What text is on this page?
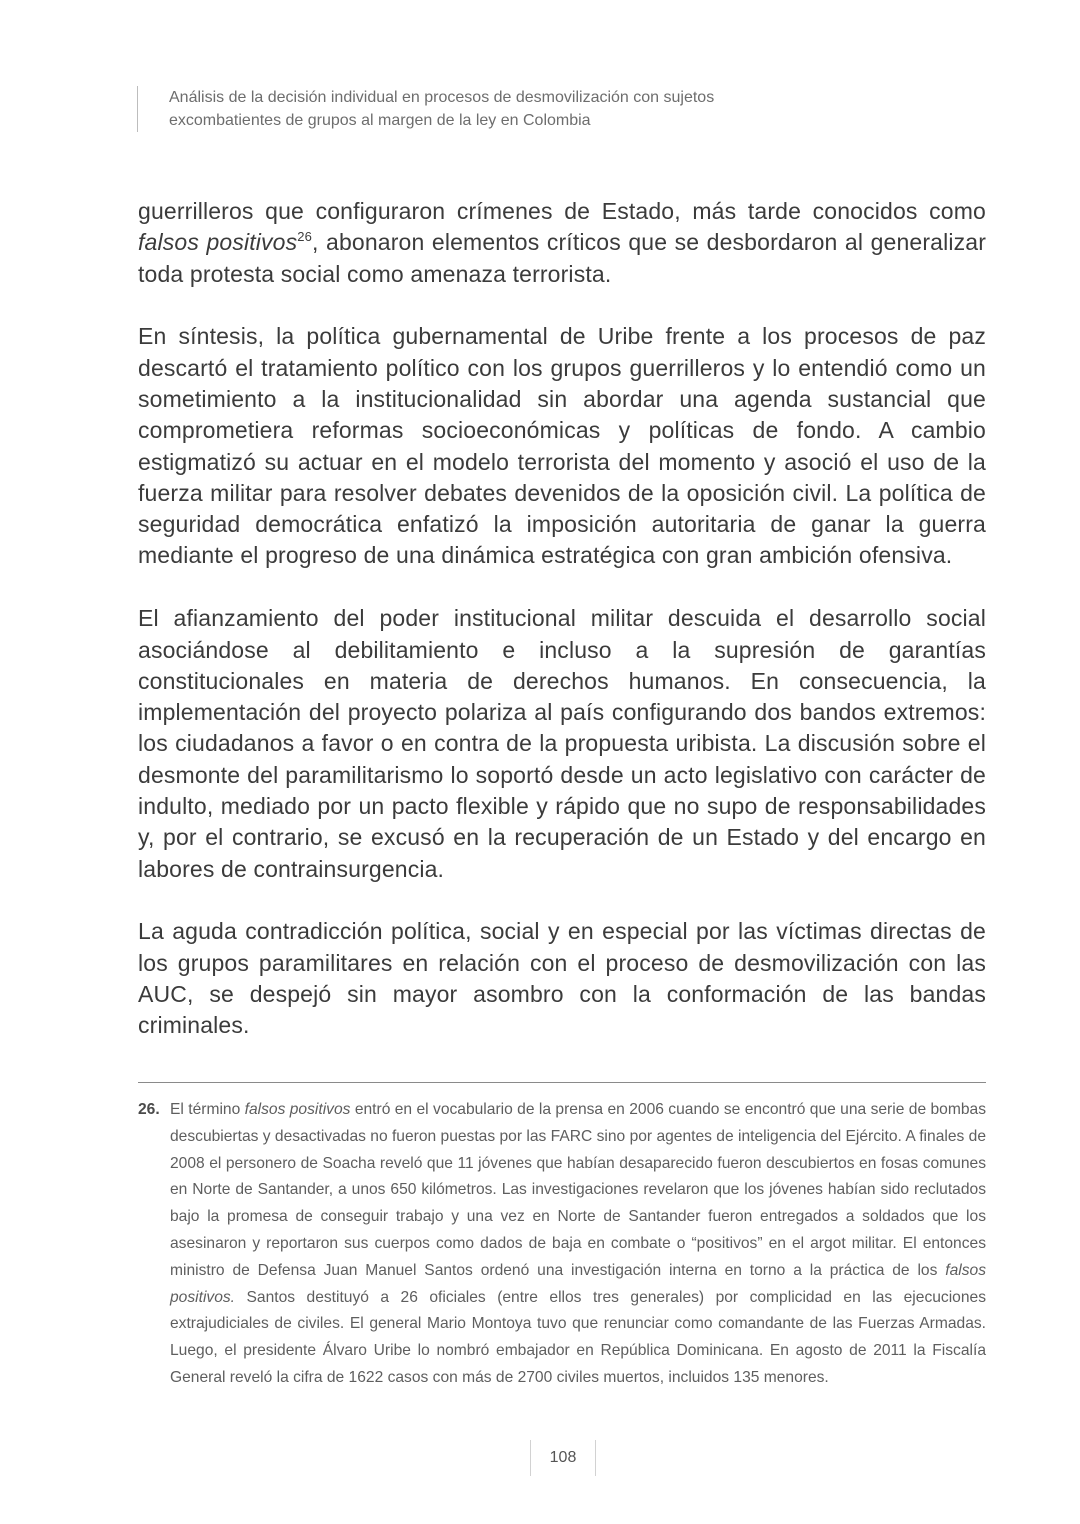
Análisis de la decisión individual en procesos de desmovilización con sujetos
excombatientes de grupos al margen de la ley en Colombia

guerrilleros que configuraron crímenes de Estado, más tarde conocidos como falsos positivos$^{26}$, abonaron elementos críticos que se desbordaron al generalizar toda protesta social como amenaza terrorista.

En síntesis, la política gubernamental de Uribe frente a los procesos de paz descartó el tratamiento político con los grupos guerrilleros y lo entendió como un sometimiento a la institucionalidad sin abordar una agenda sustancial que comprometiera reformas socioeconómicas y políticas de fondo. A cambio estigmatizó su actuar en el modelo terrorista del momento y asoció el uso de la fuerza militar para resolver debates devenidos de la oposición civil. La política de seguridad democrática enfatizó la imposición autoritaria de ganar la guerra mediante el progreso de una dinámica estratégica con gran ambición ofensiva.

El afianzamiento del poder institucional militar descuida el desarrollo social asociándose al debilitamiento e incluso a la supresión de garantías constitucionales en materia de derechos humanos. En consecuencia, la implementación del proyecto polariza al país configurando dos bandos extremos: los ciudadanos a favor o en contra de la propuesta uribista. La discusión sobre el desmonte del paramilitarismo lo soportó desde un acto legislativo con carácter de indulto, mediado por un pacto flexible y rápido que no supo de responsabilidades y, por el contrario, se excusó en la recuperación de un Estado y del encargo en labores de contrainsurgencia.

La aguda contradicción política, social y en especial por las víctimas directas de los grupos paramilitares en relación con el proceso de desmovilización con las AUC, se despejó sin mayor asombro con la conformación de las bandas criminales.

26. El término falsos positivos entró en el vocabulario de la prensa en 2006 cuando se encontró que una serie de bombas descubiertas y desactivadas no fueron puestas por las FARC sino por agentes de inteligencia del Ejército. A finales de 2008 el personero de Soacha reveló que 11 jóvenes que habían desaparecido fueron descubiertos en fosas comunes en Norte de Santander, a unos 650 kilómetros. Las investigaciones revelaron que los jóvenes habían sido reclutados bajo la promesa de conseguir trabajo y una vez en Norte de Santander fueron entregados a soldados que los asesinaron y reportaron sus cuerpos como dados de baja en combate o “positivos” en el argot militar. El entonces ministro de Defensa Juan Manuel Santos ordenó una investigación interna en torno a la práctica de los falsos positivos. Santos destituyó a 26 oficiales (entre ellos tres generales) por complicidad en las ejecuciones extrajudiciales de civiles. El general Mario Montoya tuvo que renunciar como comandante de las Fuerzas Armadas. Luego, el presidente Álvaro Uribe lo nombró embajador en República Dominicana. En agosto de 2011 la Fiscalía General reveló la cifra de 1622 casos con más de 2700 civiles muertos, incluidos 135 menores.
108
